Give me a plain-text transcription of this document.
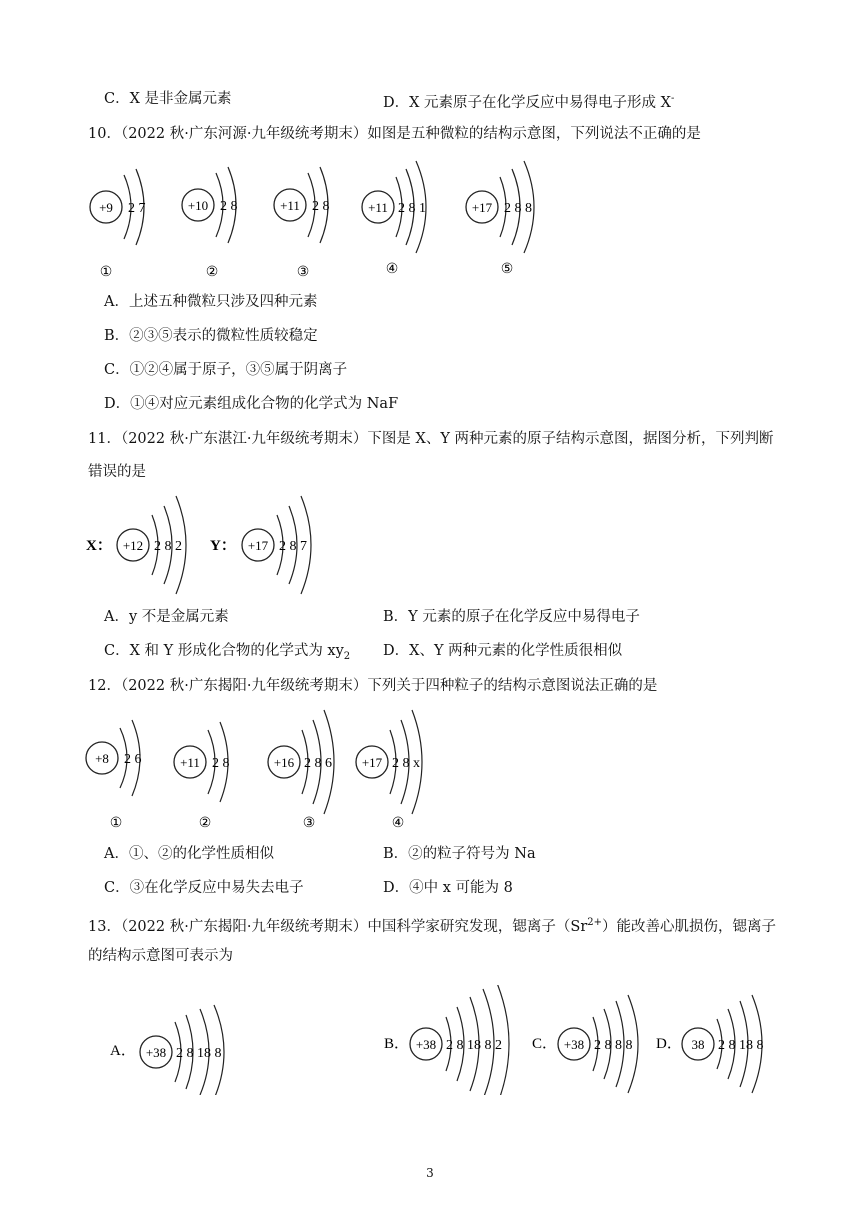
C．X 是非金属元素	D．X 元素原子在化学反应中易得电子形成 X-
10．（2022 秋·广东河源·九年级统考期末）如图是五种微粒的结构示意图，下列说法不正确的是
+9 2 7
①
+10 2 8
②
+11 2 8
③
+11 2 8 1
④
+17 2 8 8
⑤
A．上述五种微粒只涉及四种元素
B．②③⑤表示的微粒性质较稳定
C．①②④属于原子，③⑤属于阴离子
D．①④对应元素组成化合物的化学式为 NaF
11．（2022 秋·广东湛江·九年级统考期末）下图是 X、Y 两种元素的原子结构示意图，据图分析，下列判断
错误的是
X： +12 2 8 2 Y： +17 2 8 7
A．y 不是金属元素	B．Y 元素的原子在化学反应中易得电子
C．X 和 Y 形成化合物的化学式为 $xy_2$ D．X、Y 两种元素的化学性质很相似
12．（2022 秋·广东揭阳·九年级统考期末）下列关于四种粒子的结构示意图说法正确的是
+8 2 6
①
+11 2 8
②
+16 2 8 6
③
+17 2 8 x
④
A．①、②的化学性质相似	B．②的粒子符号为 Na
C．③在化学反应中易失去电子	D．④中 x 可能为 8
13．（2022 秋·广东揭阳·九年级统考期末）中国科学家研究发现，锶离子$(Sr^{2+})$能改善心肌损伤，锶离子
的结构示意图可表示为
A． +38 2 8 18 8
B． +38 2 8 18 8 2 C． +38 2 8 8 8 D． 38 2 8 18 8
3
